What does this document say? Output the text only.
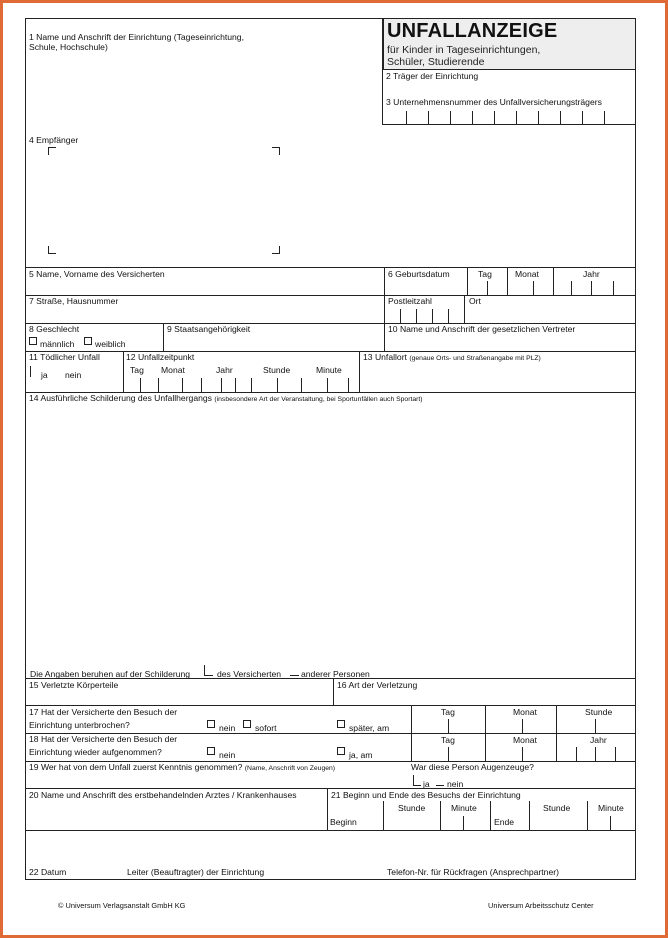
UNFALLANZEIGE
für Kinder in Tageseinrichtungen,
Schüler, Studierende
1 Name und Anschrift der Einrichtung (Tageseinrichtung,
Schule, Hochschule)
2 Träger der Einrichtung
3 Unternehmensnummer des Unfallversicherungsträgers
4 Empfänger
5 Name, Vorname des Versicherten	6 Geburtsdatum	Tag	Monat	Jahr
7 Straße, Hausnummer	Postleitzahl	Ort
8 Geschlecht
männlich weiblich
9 Staatsangehörigkeit	10 Name und Anschrift der gesetzlichen Vertreter
11 Tödlicher Unfall
ja nein
12 Unfallzeitpunkt
Tag Monat	Jahr	Stunde	Minute
13 Unfallort (genaue Orts- und Straßenangabe mit PLZ)
14 Ausführliche Schilderung des Unfallhergangs (insbesondere Art der Veranstaltung, bei Sportunfällen auch Sportart)
Die Angaben beruhen auf der Schilderung	des Versicherten anderer Personen
15 Verletzte Körperteile	16 Art der Verletzung
17 Hat der Versicherte den Besuch der
Einrichtung unterbrochen?	nein sofort	später, am
Tag	Monat	Stunde
18 Hat der Versicherte den Besuch der
Einrichtung wieder aufgenommen?	nein	ja, am
Tag	Monat	Jahr
19 Wer hat von dem Unfall zuerst Kenntnis genommen? (Name, Anschrift von Zeugen)	War diese Person Augenzeuge?
ja nein
20 Name und Anschrift des erstbehandelnden Arztes / Krankenhauses	21 Beginn und Ende des Besuchs der Einrichtung
Beginn
Stunde	Minute
Ende
Stunde	Minute
22 Datum	Leiter (Beauftragter) der Einrichtung	Telefon-Nr. für Rückfragen (Ansprechpartner)
© Universum Verlagsanstalt GmbH KG	Universum Arbeitsschutz Center
